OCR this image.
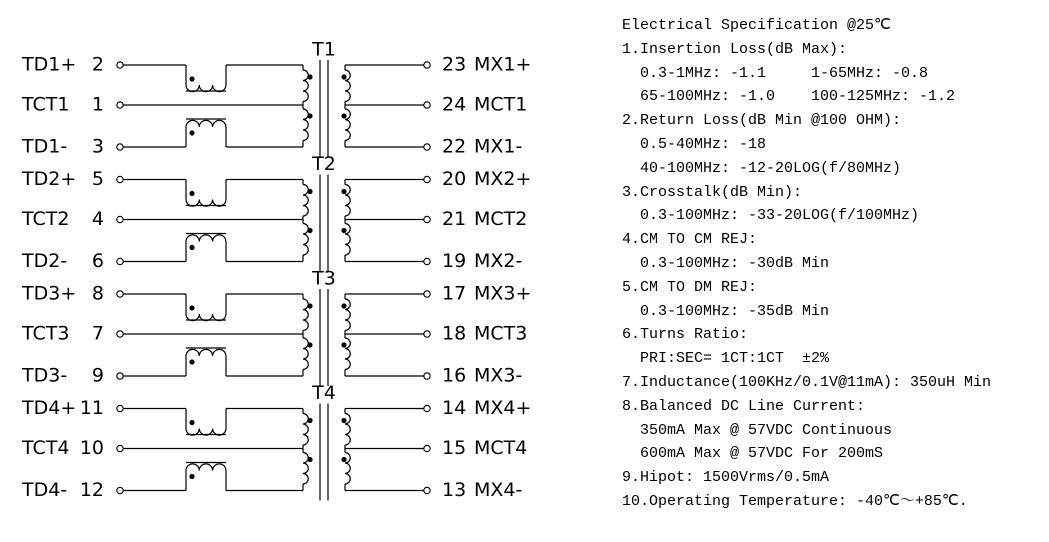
T1
TD1+ 2
TCT1 1
TD1- 3
23 MX1+
24 MCT1
22 MX1-
T2
TD2+ 5
TCT2 4
TD2- 6
20 MX2+
21 MCT2
19 MX2-
T3
TD3+ 8
TCT3 7
TD3- 9
17 MX3+
18 MCT3
16 MX3-
T4
TD4+ 11
TCT4 10
TD4- 12
14 MX4+
15 MCT4
13 MX4-
Electrical Specification @25℃
1.Insertion Loss(dB Max):
0.3-1MHz: -1.1     1-65MHz: -0.8
65-100MHz: -1.0    100-125MHz: -1.2
2.Return Loss(dB Min @100 OHM):
0.5-40MHz: -18
40-100MHz: -12-20LOG(f/80MHz)
3.Crosstalk(dB Min):
0.3-100MHz: -33-20LOG(f/100MHz)
4.CM TO CM REJ:
0.3-100MHz: -30dB Min
5.CM TO DM REJ:
0.3-100MHz: -35dB Min
6.Turns Ratio:
PRI:SEC= 1CT:1CT  ±2%
7.Inductance(100KHz/0.1V@11mA): 350uH Min
8.Balanced DC Line Current:
350mA Max @ 57VDC Continuous
600mA Max @ 57VDC For 200mS
9.Hipot: 1500Vrms/0.5mA
10.Operating Temperature: -40℃～+85℃.
